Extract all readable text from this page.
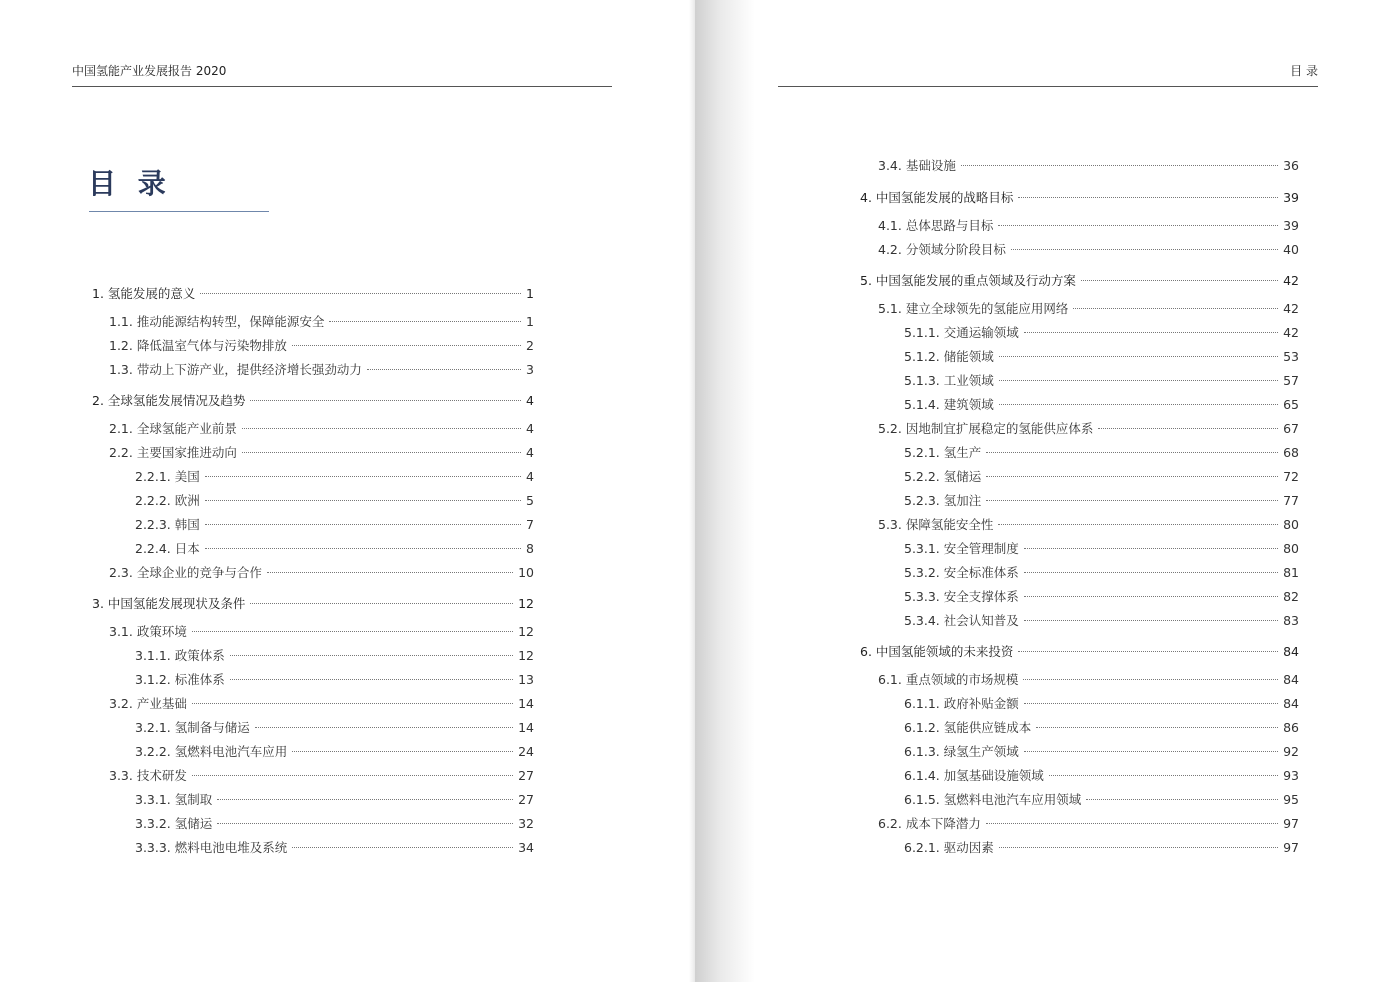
中国氢能产业发展报告 2020
目 录
1. 氢能发展的意义	1
1.1. 推动能源结构转型，保障能源安全	1
1.2. 降低温室气体与污染物排放	2
1.3. 带动上下游产业，提供经济增长强劲动力	3
2. 全球氢能发展情况及趋势	4
2.1. 全球氢能产业前景	4
2.2. 主要国家推进动向	4
2.2.1. 美国	4
2.2.2. 欧洲	5
2.2.3. 韩国	7
2.2.4. 日本	8
2.3. 全球企业的竞争与合作	10
3. 中国氢能发展现状及条件	12
3.1. 政策环境	12
3.1.1. 政策体系	12
3.1.2. 标准体系	13
3.2. 产业基础	14
3.2.1. 氢制备与储运	14
3.2.2. 氢燃料电池汽车应用	24
3.3. 技术研发	27
3.3.1. 氢制取	27
3.3.2. 氢储运	32
3.3.3. 燃料电池电堆及系统	34
目 录
3.4. 基础设施	36
4. 中国氢能发展的战略目标	39
4.1. 总体思路与目标	39
4.2. 分领域分阶段目标	40
5. 中国氢能发展的重点领域及行动方案	42
5.1. 建立全球领先的氢能应用网络	42
5.1.1. 交通运输领域	42
5.1.2. 储能领域	53
5.1.3. 工业领域	57
5.1.4. 建筑领域	65
5.2. 因地制宜扩展稳定的氢能供应体系	67
5.2.1. 氢生产	68
5.2.2. 氢储运	72
5.2.3. 氢加注	77
5.3. 保障氢能安全性	80
5.3.1. 安全管理制度	80
5.3.2. 安全标准体系	81
5.3.3. 安全支撑体系	82
5.3.4. 社会认知普及	83
6. 中国氢能领域的未来投资	84
6.1. 重点领域的市场规模	84
6.1.1. 政府补贴金额	84
6.1.2. 氢能供应链成本	86
6.1.3. 绿氢生产领域	92
6.1.4. 加氢基础设施领域	93
6.1.5. 氢燃料电池汽车应用领域	95
6.2. 成本下降潜力	97
6.2.1. 驱动因素	97
